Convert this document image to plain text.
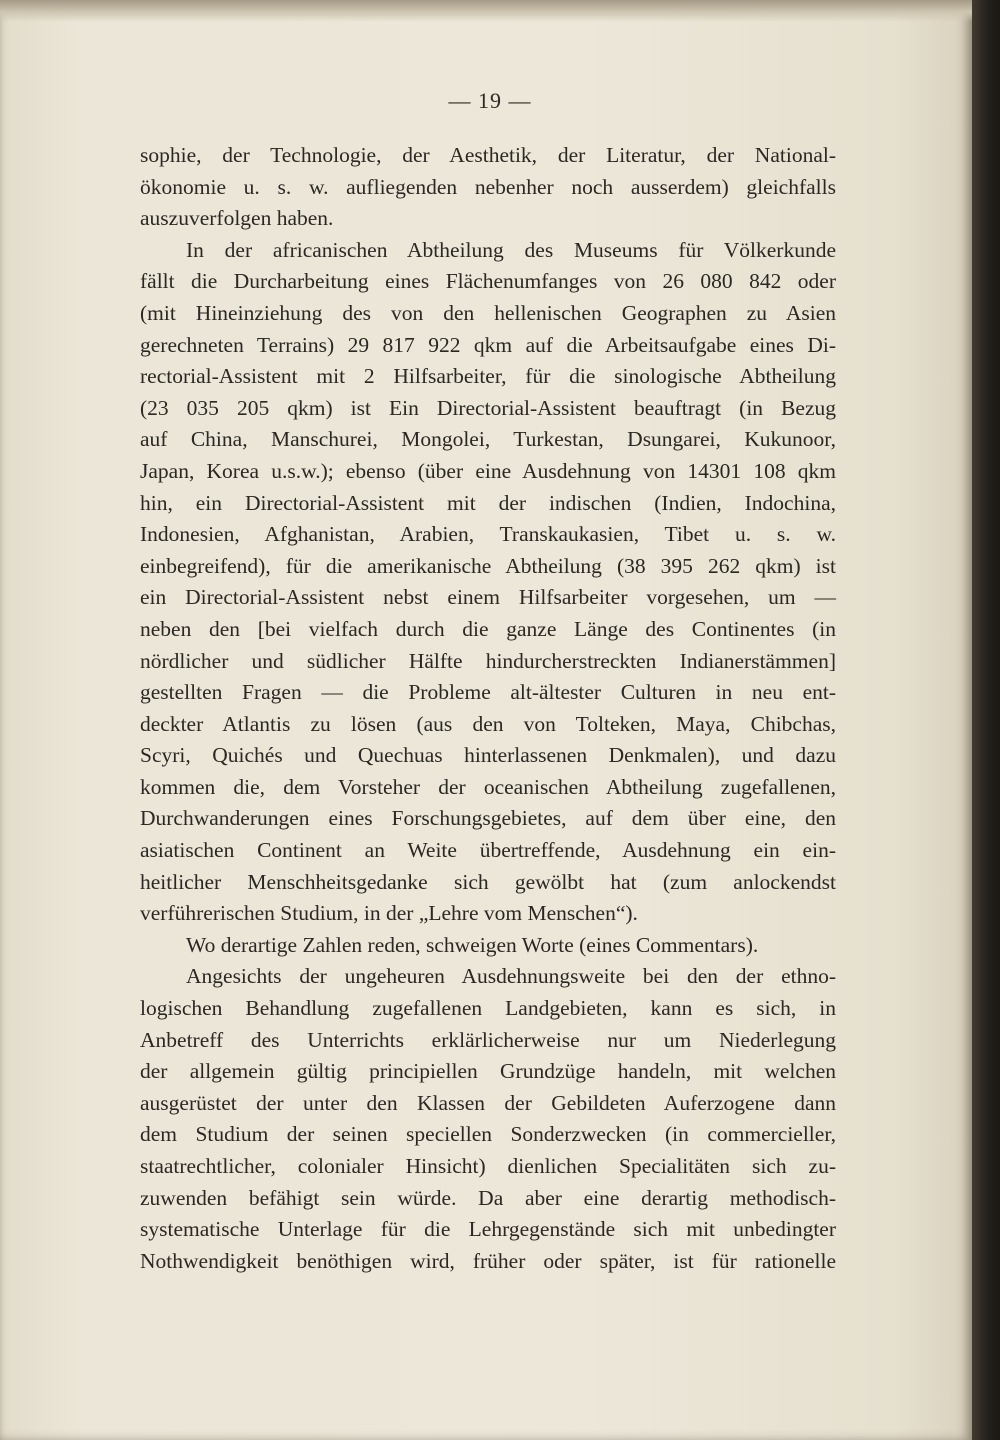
— 19 —
sophie, der Technologie, der Aesthetik, der Literatur, der National-
ökonomie u. s. w. aufliegenden nebenher noch ausserdem) gleichfalls
auszuverfolgen haben.
In der africanischen Abtheilung des Museums für Völkerkunde
fällt die Durcharbeitung eines Flächenumfanges von 26 080 842 oder
(mit Hineinziehung des von den hellenischen Geographen zu Asien
gerechneten Terrains) 29 817 922 qkm auf die Arbeitsaufgabe eines Di-
rectorial-Assistent mit 2 Hilfsarbeiter, für die sinologische Abtheilung
(23 035 205 qkm) ist Ein Directorial-Assistent beauftragt (in Bezug
auf China, Manschurei, Mongolei, Turkestan, Dsungarei, Kukunoor,
Japan, Korea u.s.w.); ebenso (über eine Ausdehnung von 14301 108 qkm
hin, ein Directorial-Assistent mit der indischen (Indien, Indochina,
Indonesien, Afghanistan, Arabien, Transkaukasien, Tibet u. s. w.
einbegreifend), für die amerikanische Abtheilung (38 395 262 qkm) ist
ein Directorial-Assistent nebst einem Hilfsarbeiter vorgesehen, um —
neben den [bei vielfach durch die ganze Länge des Continentes (in
nördlicher und südlicher Hälfte hindurcherstreckten Indianerstämmen]
gestellten Fragen — die Probleme alt-ältester Culturen in neu ent-
deckter Atlantis zu lösen (aus den von Tolteken, Maya, Chibchas,
Scyri, Quichés und Quechuas hinterlassenen Denkmalen), und dazu
kommen die, dem Vorsteher der oceanischen Abtheilung zugefallenen,
Durchwanderungen eines Forschungsgebietes, auf dem über eine, den
asiatischen Continent an Weite übertreffende, Ausdehnung ein ein-
heitlicher Menschheitsgedanke sich gewölbt hat (zum anlockendst
verführerischen Studium, in der „Lehre vom Menschen“).
Wo derartige Zahlen reden, schweigen Worte (eines Commentars).
Angesichts der ungeheuren Ausdehnungsweite bei den der ethno-
logischen Behandlung zugefallenen Landgebieten, kann es sich, in
Anbetreff des Unterrichts erklärlicherweise nur um Niederlegung
der allgemein gültig principiellen Grundzüge handeln, mit welchen
ausgerüstet der unter den Klassen der Gebildeten Auferzogene dann
dem Studium der seinen speciellen Sonderzwecken (in commercieller,
staatrechtlicher, colonialer Hinsicht) dienlichen Specialitäten sich zu-
zuwenden befähigt sein würde. Da aber eine derartig methodisch-
systematische Unterlage für die Lehrgegenstände sich mit unbedingter
Nothwendigkeit benöthigen wird, früher oder später, ist für rationelle
